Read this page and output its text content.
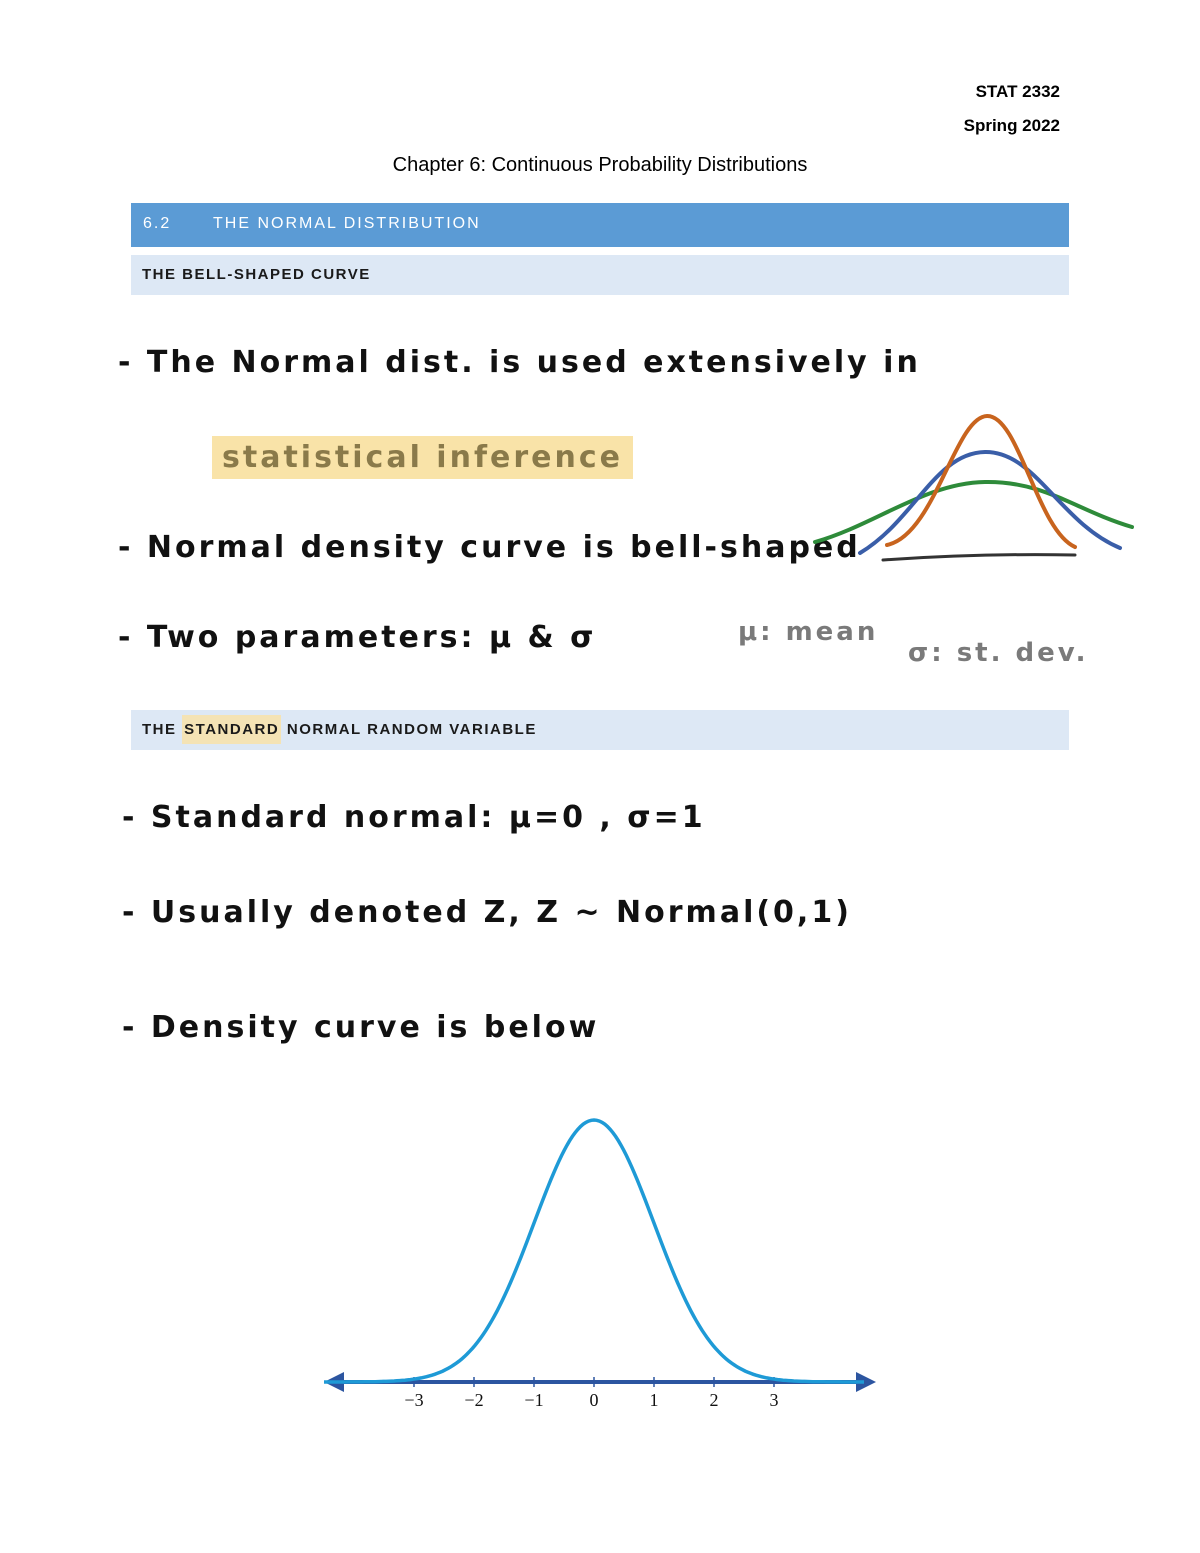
STAT 2332
Spring 2022
Chapter 6: Continuous Probability Distributions
6.2	THE NORMAL DISTRIBUTION
THE BELL-SHAPED CURVE
- The Normal dist. is used extensively in
statistical inference
- Normal density curve is bell-shaped
- Two parameters: μ & σ	μ: mean
σ: st. dev.
THE STANDARD NORMAL RANDOM VARIABLE
- Standard normal: μ=0 , σ=1
- Usually denoted Z, Z ~ Normal(0,1)
- Density curve is below
−3 −2 −1	0	1	2	3
